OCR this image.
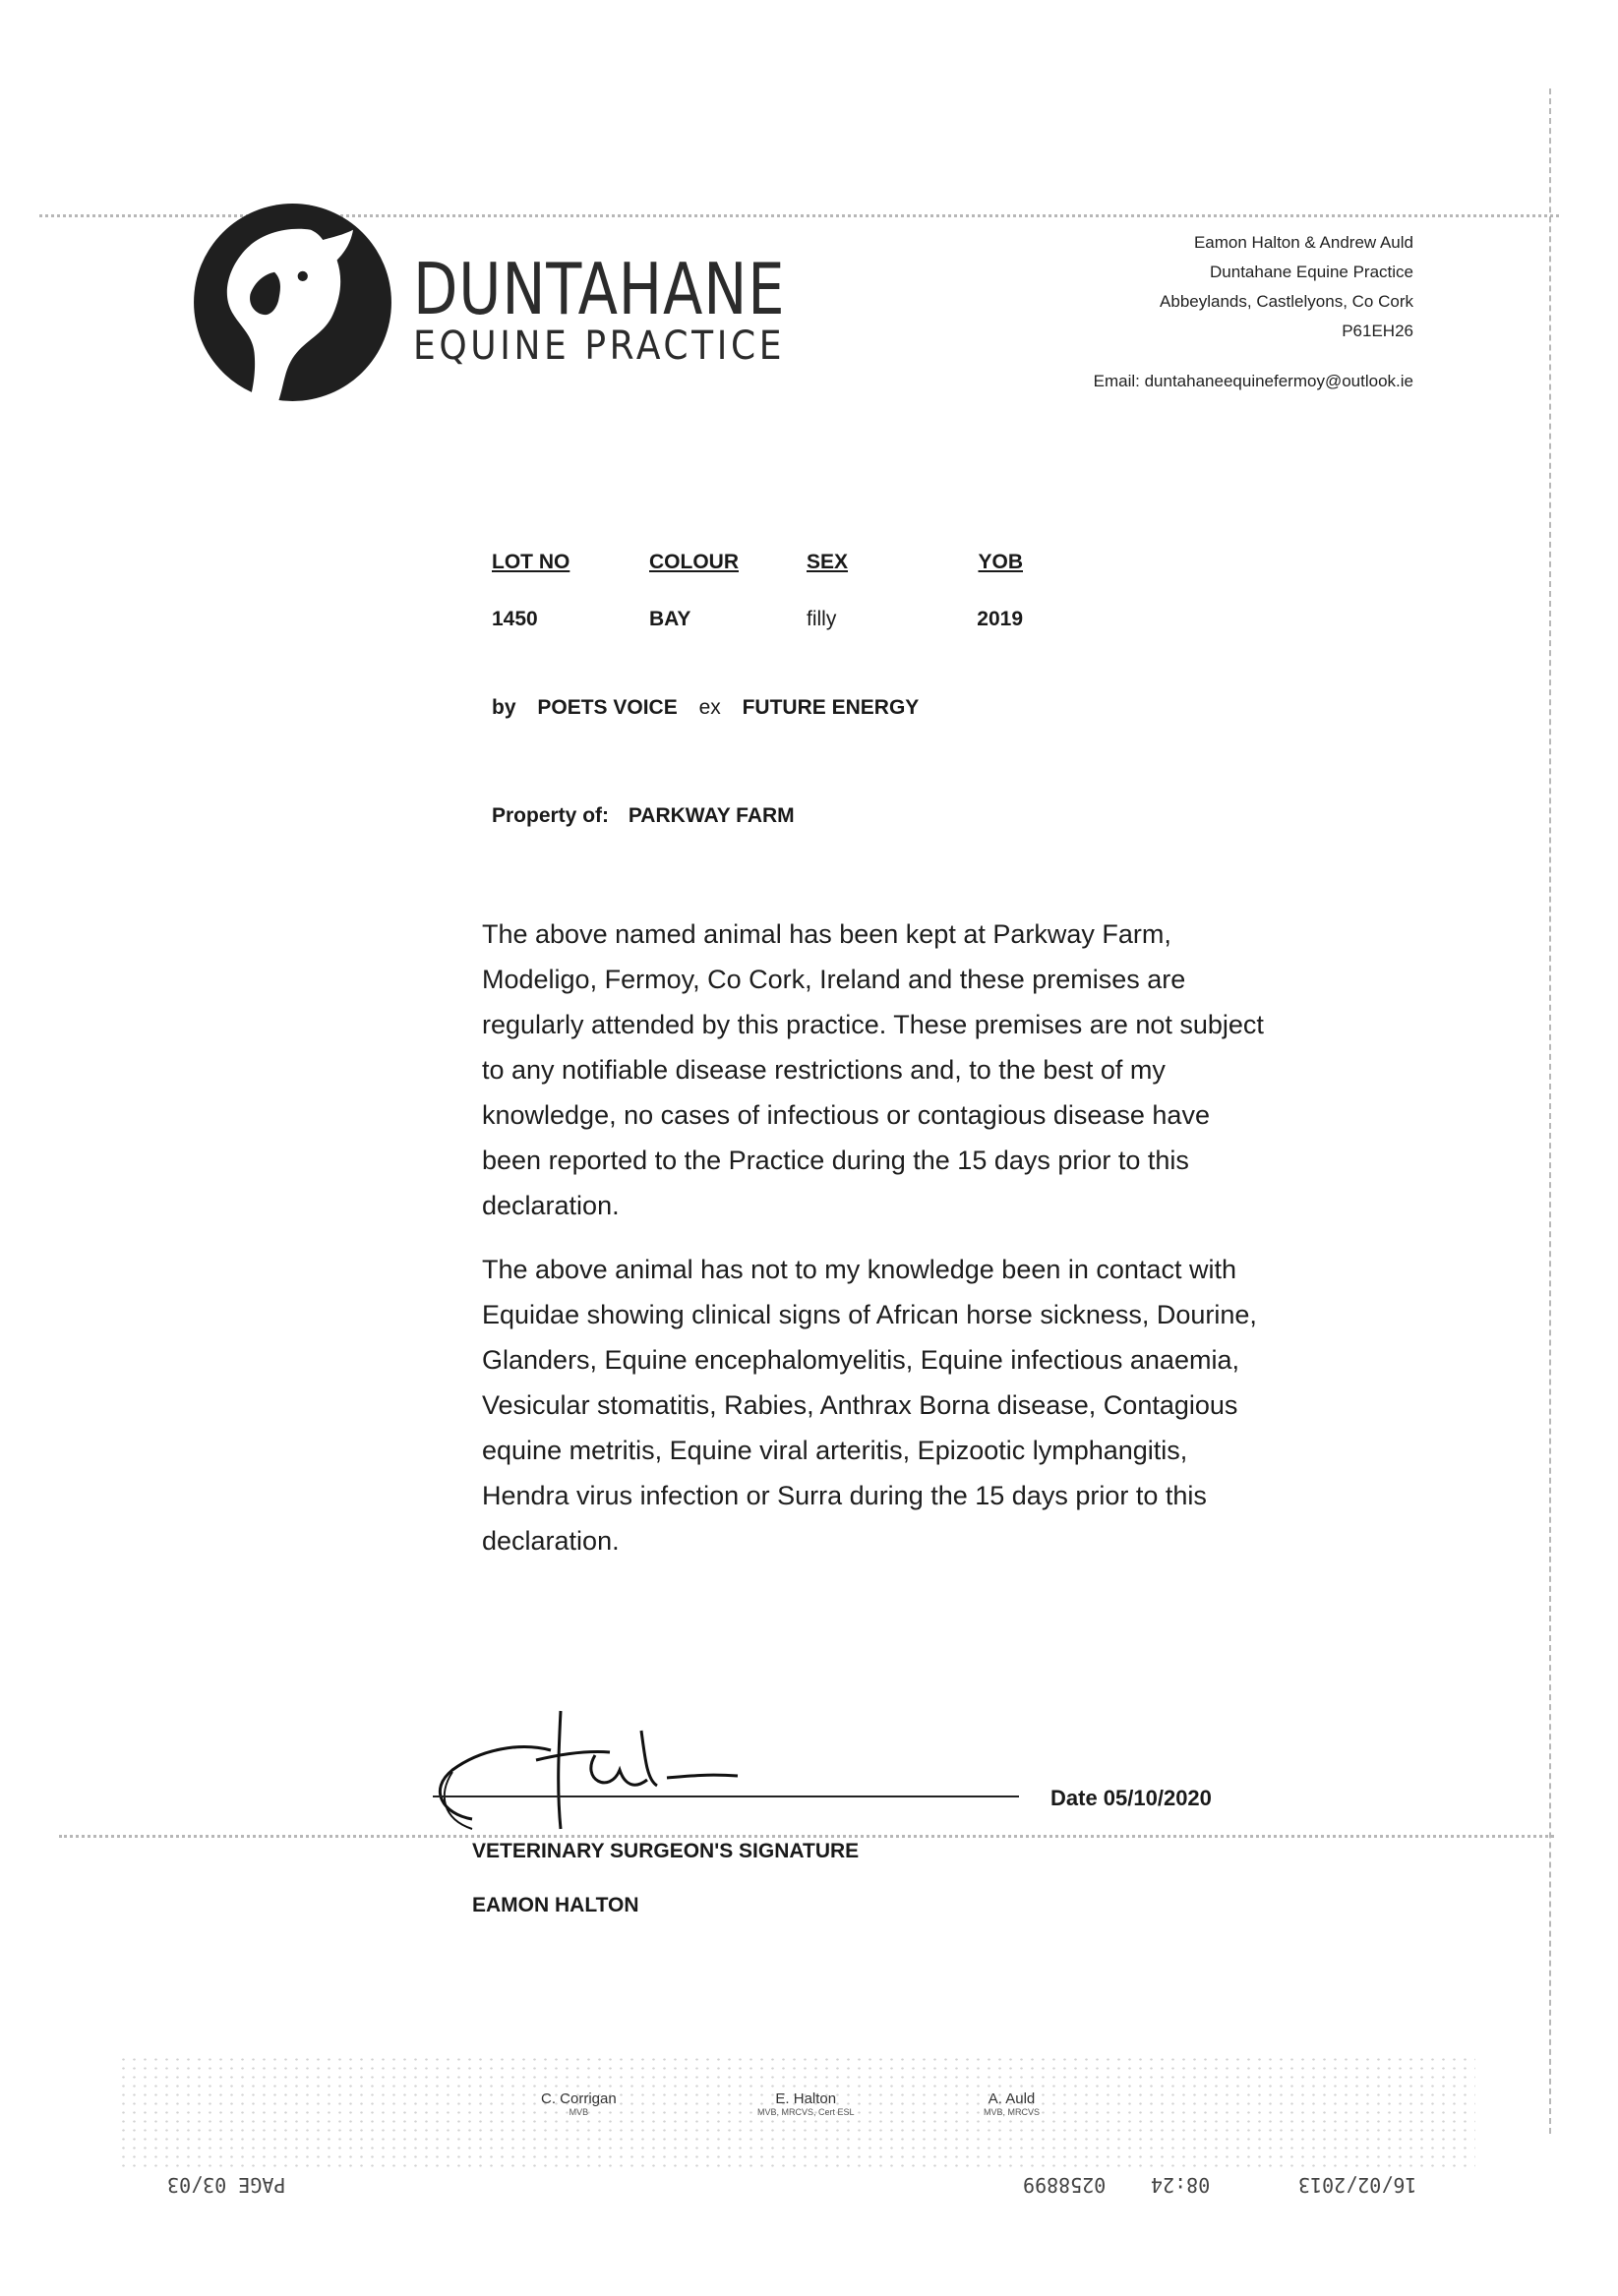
DUNTAHANE
EQUINE PRACTICE
Eamon Halton & Andrew Auld
Duntahane Equine Practice
Abbeylands, Castlelyons, Co Cork
P61EH26
Email: duntahaneequinefermoy@outlook.ie
LOT NO	COLOUR	SEX	YOB
1450	BAY	filly	2019
by POETS VOICE ex FUTURE ENERGY
Property of: PARKWAY FARM

The above named animal has been kept at Parkway Farm, Modeligo, Fermoy, Co Cork, Ireland and these premises are regularly attended by this practice. These premises are not subject to any notifiable disease restrictions and, to the best of my knowledge, no cases of infectious or contagious disease have been reported to the Practice during the 15 days prior to this declaration.

The above animal has not to my knowledge been in contact with Equidae showing clinical signs of African horse sickness, Dourine, Glanders, Equine encephalomyelitis, Equine infectious anaemia, Vesicular stomatitis, Rabies, Anthrax Borna disease, Contagious equine metritis, Equine viral arteritis, Epizootic lymphangitis, Hendra virus infection or Surra during the 15 days prior to this declaration.

Date 05/10/2020
VETERINARY SURGEON'S SIGNATURE
EAMON HALTON
C. Corrigan
MVB
E. Halton
MVB, MRCVS, Cert ESL
A. Auld
MVB, MRCVS
PAGE 03/03	0258899 08:24	16/02/2013
